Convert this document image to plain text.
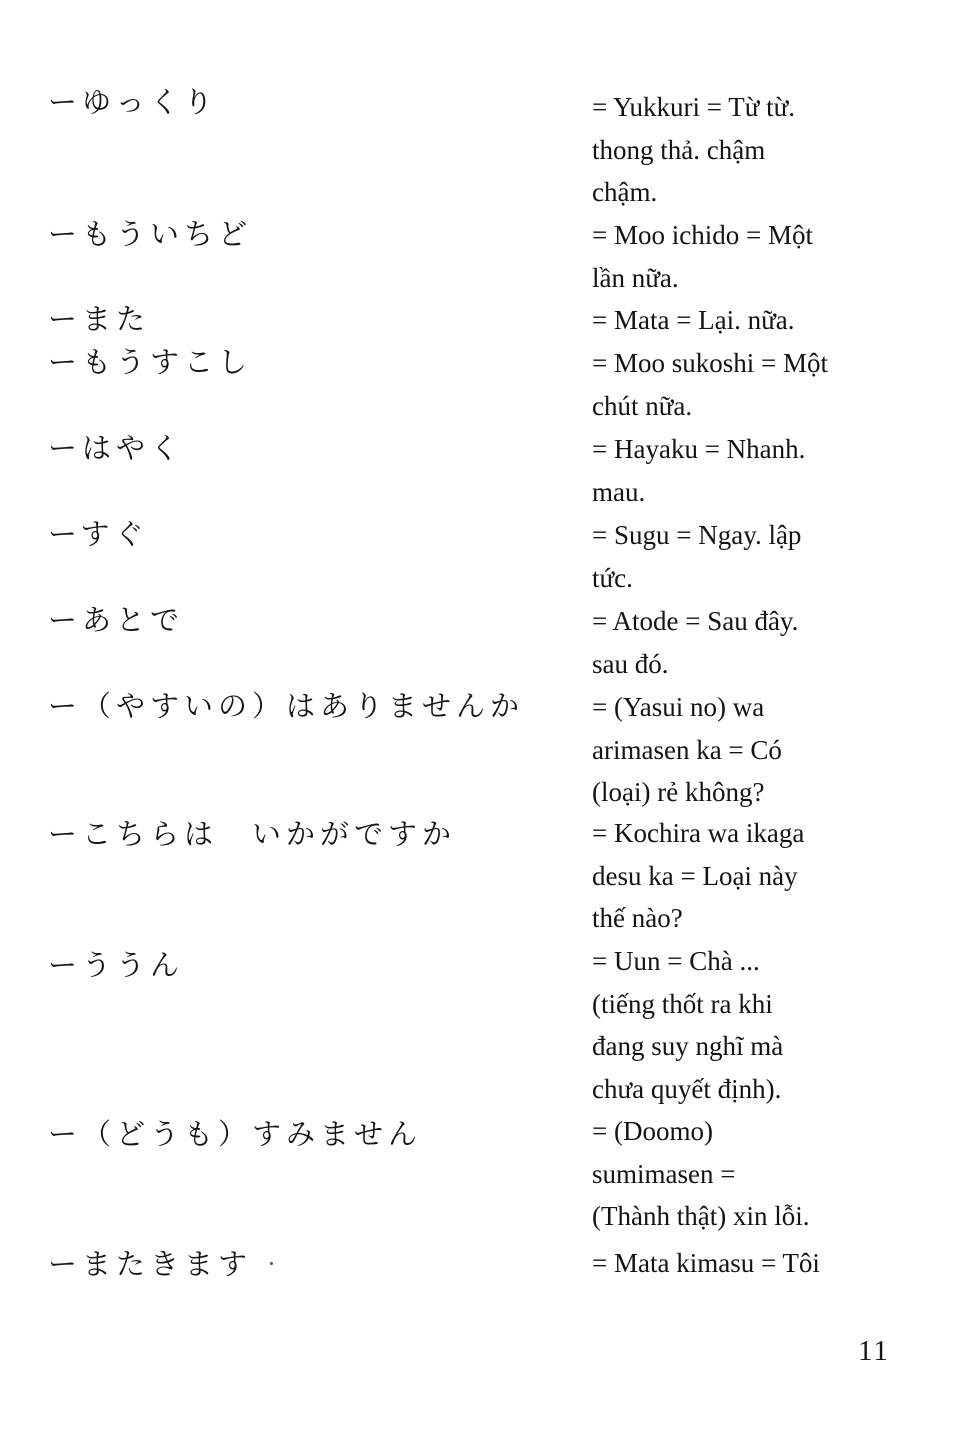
ーゆっくり	= Yukkuri = Từ từ.
thong thả. chậm
chậm.
ーもういちど	= Moo ichido = Một
lần nữa.
ーまた	= Mata = Lại. nữa.
ーもうすこし	= Moo sukoshi = Một
chút nữa.
ーはやく	= Hayaku = Nhanh.
mau.
ーすぐ	= Sugu = Ngay. lập
tức.
ーあとで	= Atode = Sau đây.
sau đó.
ー（やすいの）はありませんか	= (Yasui no) wa
arimasen ka = Có
(loại) rẻ không?
ーこちらは　いかがですか	= Kochira wa ikaga
desu ka = Loại này
thế nào?
ーううん	= Uun = Chà ...
(tiếng thốt ra khi
đang suy nghĩ mà
chưa quyết định).
ー（どうも）すみません	= (Doomo)
sumimasen =
(Thành thật) xin lỗi.
ーまたきます	= Mata kimasu = Tôi
11
